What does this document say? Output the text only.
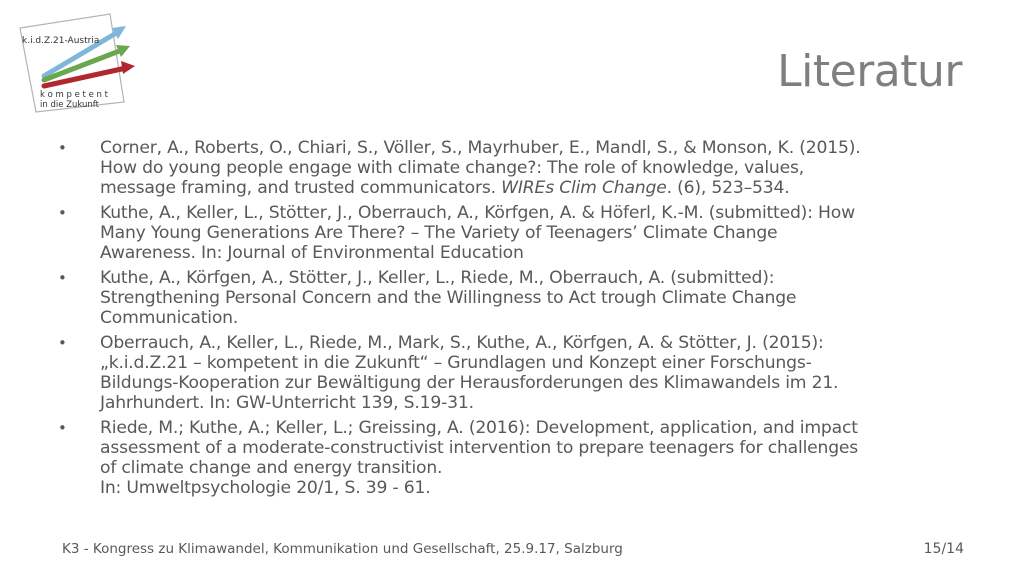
k.i.d.Z.21-Austria
k o m p e t e n t
in die Zukunft
Literatur
• Corner, A., Roberts, O., Chiari, S., Völler, S., Mayrhuber, E., Mandl, S., & Monson, K. (2015).
How do young people engage with climate change?: The role of knowledge, values,
message framing, and trusted communicators. WIREs Clim Change. (6), 523–534.
• Kuthe, A., Keller, L., Stötter, J., Oberrauch, A., Körfgen, A. & Höferl, K.-M. (submitted): How
Many Young Generations Are There? – The Variety of Teenagers’ Climate Change
Awareness. In: Journal of Environmental Education
• Kuthe, A., Körfgen, A., Stötter, J., Keller, L., Riede, M., Oberrauch, A. (submitted):
Strengthening Personal Concern and the Willingness to Act trough Climate Change
Communication.
• Oberrauch, A., Keller, L., Riede, M., Mark, S., Kuthe, A., Körfgen, A. & Stötter, J. (2015):
„k.i.d.Z.21 – kompetent in die Zukunft“ – Grundlagen und Konzept einer Forschungs-
Bildungs-Kooperation zur Bewältigung der Herausforderungen des Klimawandels im 21.
Jahrhundert. In: GW-Unterricht 139, S.19-31.
• Riede, M.; Kuthe, A.; Keller, L.; Greissing, A. (2016): Development, application, and impact
assessment of a moderate-constructivist intervention to prepare teenagers for challenges
of climate change and energy transition.
In: Umweltpsychologie 20/1, S. 39 - 61.
K3 - Kongress zu Klimawandel, Kommunikation und Gesellschaft, 25.9.17, Salzburg	15/14
